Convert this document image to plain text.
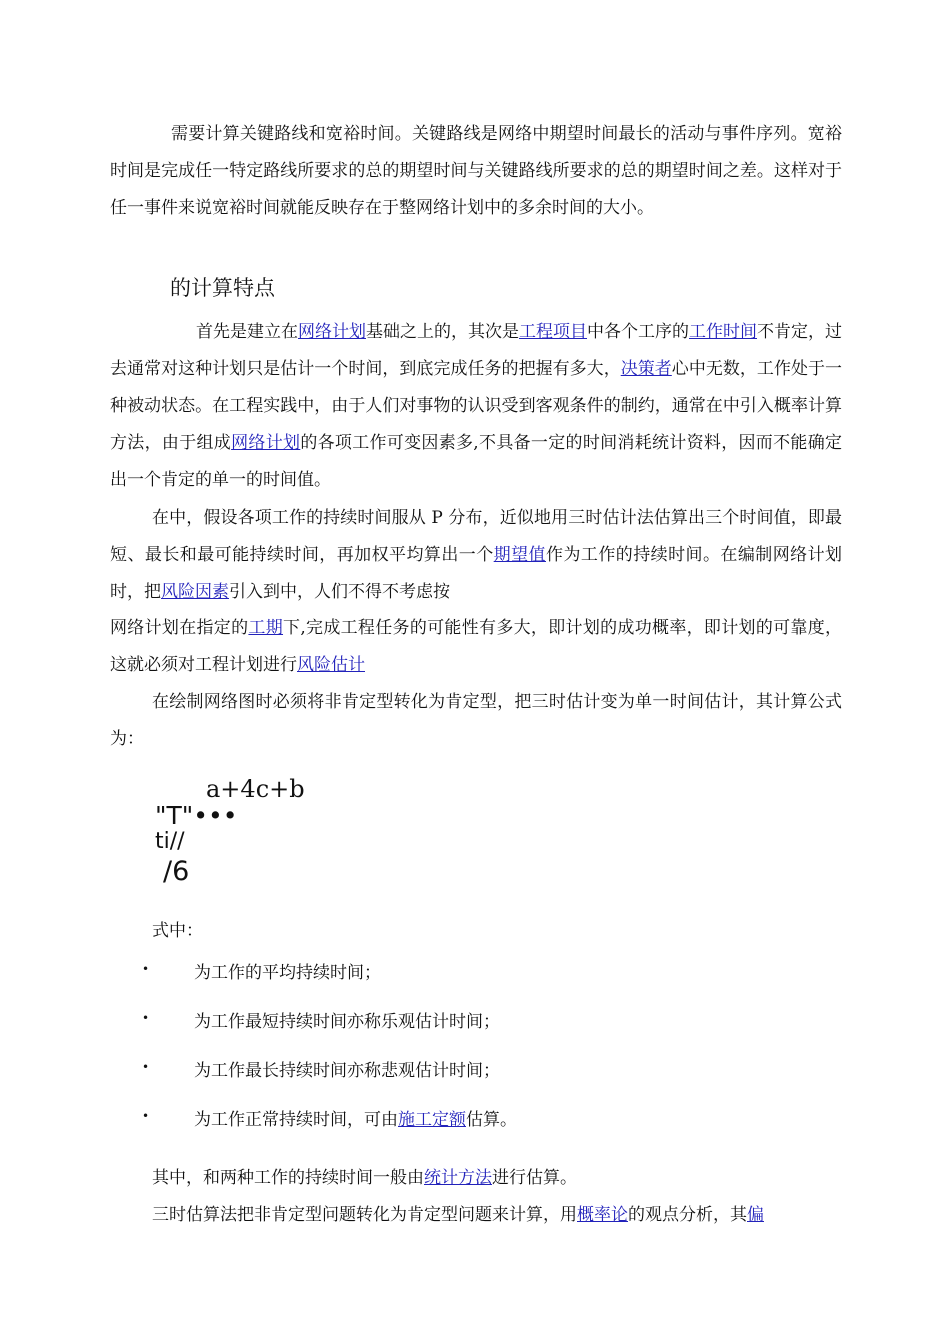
需要计算关键路线和宽裕时间。关键路线是网络中期望时间最长的活动与事件序列。宽裕时间是完成任一特定路线所要求的总的期望时间与关键路线所要求的总的期望时间之差。这样对于任一事件来说宽裕时间就能反映存在于整网络计划中的多余时间的大小。

的计算特点

首先是建立在网络计划基础之上的，其次是工程项目中各个工序的工作时间不肯定，过去通常对这种计划只是估计一个时间，到底完成任务的把握有多大，决策者心中无数，工作处于一种被动状态。在工程实践中，由于人们对事物的认识受到客观条件的制约，通常在中引入概率计算方法，由于组成网络计划的各项工作可变因素多,不具备一定的时间消耗统计资料，因而不能确定出一个肯定的单一的时间值。

在中，假设各项工作的持续时间服从 P 分布，近似地用三时估计法估算出三个时间值，即最短、最长和最可能持续时间，再加权平均算出一个期望值作为工作的持续时间。在编制网络计划时，把风险因素引入到中，人们不得不考虑按

网络计划在指定的工期下,完成工程任务的可能性有多大，即计划的成功概率，即计划的可靠度，这就必须对工程计划进行风险估计

在绘制网络图时必须将非肯定型转化为肯定型，把三时估计变为单一时间估计，其计算公式为：

a+4c+b
"T"•••
ti//
/6

式中：

•	为工作的平均持续时间；
•	为工作最短持续时间亦称乐观估计时间；
•	为工作最长持续时间亦称悲观估计时间；
•	为工作正常持续时间，可由施工定额估算。

其中，和两种工作的持续时间一般由统计方法进行估算。

三时估算法把非肯定型问题转化为肯定型问题来计算，用概率论的观点分析，其偏
